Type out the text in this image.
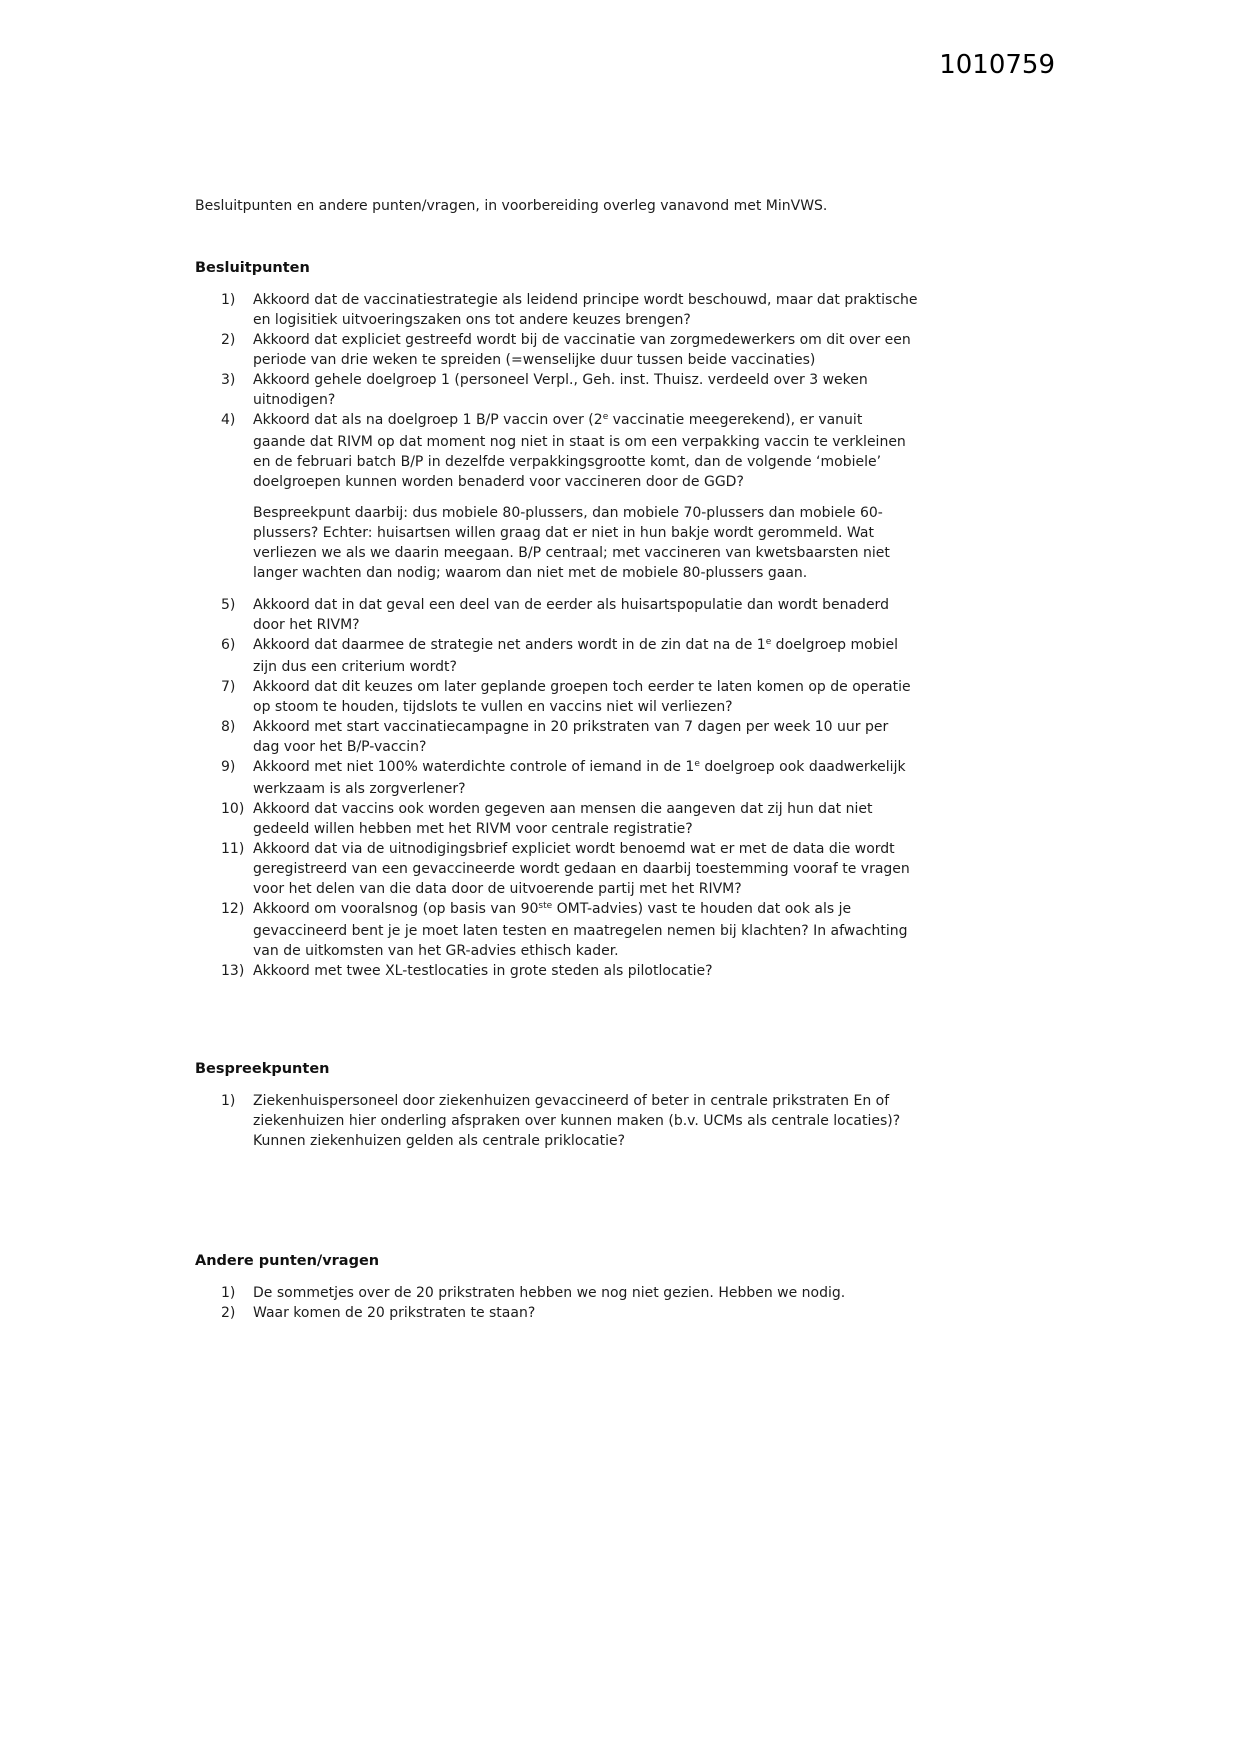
1010759

Besluitpunten en andere punten/vragen, in voorbereiding overleg vanavond met MinVWS.

Besluitpunten
1) Akkoord dat de vaccinatiestrategie als leidend principe wordt beschouwd, maar dat praktische en logisitiek uitvoeringszaken ons tot andere keuzes brengen?
2) Akkoord dat expliciet gestreefd wordt bij de vaccinatie van zorgmedewerkers om dit over een periode van drie weken te spreiden (=wenselijke duur tussen beide vaccinaties)
3) Akkoord gehele doelgroep 1 (personeel Verpl., Geh. inst. Thuisz. verdeeld over 3 weken uitnodigen?
4) Akkoord dat als na doelgroep 1 B/P vaccin over (2e vaccinatie meegerekend), er vanuit gaande dat RIVM op dat moment nog niet in staat is om een verpakking vaccin te verkleinen en de februari batch B/P in dezelfde verpakkingsgrootte komt, dan de volgende ‘mobiele’ doelgroepen kunnen worden benaderd voor vaccineren door de GGD?
Bespreekpunt daarbij: dus mobiele 80-plussers, dan mobiele 70-plussers dan mobiele 60-plussers? Echter: huisartsen willen graag dat er niet in hun bakje wordt gerommeld. Wat verliezen we als we daarin meegaan. B/P centraal; met vaccineren van kwetsbaarsten niet langer wachten dan nodig; waarom dan niet met de mobiele 80-plussers gaan.
5) Akkoord dat in dat geval een deel van de eerder als huisartspopulatie dan wordt benaderd door het RIVM?
6) Akkoord dat daarmee de strategie net anders wordt in de zin dat na de 1e doelgroep mobiel zijn dus een criterium wordt?
7) Akkoord dat dit keuzes om later geplande groepen toch eerder te laten komen op de operatie op stoom te houden, tijdslots te vullen en vaccins niet wil verliezen?
8) Akkoord met start vaccinatiecampagne in 20 prikstraten van 7 dagen per week 10 uur per dag voor het B/P-vaccin?
9) Akkoord met niet 100% waterdichte controle of iemand in de 1e doelgroep ook daadwerkelijk werkzaam is als zorgverlener?
10) Akkoord dat vaccins ook worden gegeven aan mensen die aangeven dat zij hun dat niet gedeeld willen hebben met het RIVM voor centrale registratie?
11) Akkoord dat via de uitnodigingsbrief expliciet wordt benoemd wat er met de data die wordt geregistreerd van een gevaccineerde wordt gedaan en daarbij toestemming vooraf te vragen voor het delen van die data door de uitvoerende partij met het RIVM?
12) Akkoord om vooralsnog (op basis van 90ste OMT-advies) vast te houden dat ook als je gevaccineerd bent je je moet laten testen en maatregelen nemen bij klachten? In afwachting van de uitkomsten van het GR-advies ethisch kader.
13) Akkoord met twee XL-testlocaties in grote steden als pilotlocatie?
Bespreekpunten
1) Ziekenhuispersoneel door ziekenhuizen gevaccineerd of beter in centrale prikstraten En of ziekenhuizen hier onderling afspraken over kunnen maken (b.v. UCMs als centrale locaties)? Kunnen ziekenhuizen gelden als centrale priklocatie?
Andere punten/vragen
1) De sommetjes over de 20 prikstraten hebben we nog niet gezien. Hebben we nodig.
2) Waar komen de 20 prikstraten te staan?
